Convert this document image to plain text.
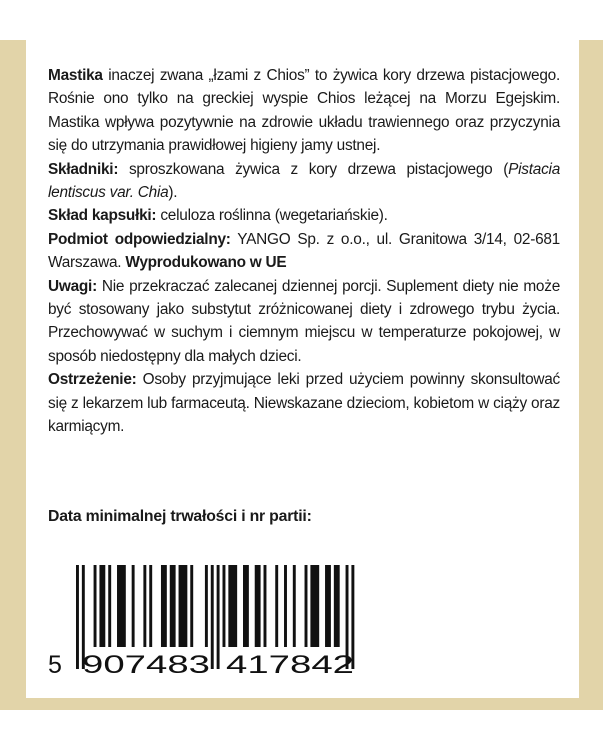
Mastika inaczej zwana „łzami z Chios” to żywica kory drzewa pistacjowego. Rośnie ono tylko na greckiej wyspie Chios leżącej na Morzu Egejskim. Mastika wpływa pozytywnie na zdrowie układu trawiennego oraz przyczynia się do utrzymania prawidłowej higieny jamy ustnej.

Składniki: sproszkowana żywica z kory drzewa pistacjowego (Pistacia lentiscus var. Chia).

Skład kapsułki: celuloza roślinna (wegetariańskie).

Podmiot odpowiedzialny: YANGO Sp. z o.o., ul. Granitowa 3/14, 02-681 Warszawa. Wyprodukowano w UE

Uwagi: Nie przekraczać zalecanej dziennej porcji. Suplement diety nie może być stosowany jako substytut zróżnicowanej diety i zdrowego trybu życia. Przechowywać w suchym i ciemnym miejscu w temperaturze pokojowej, w sposób niedostępny dla małych dzieci.

Ostrzeżenie: Osoby przyjmujące leki przed użyciem powinny skonsultować się z lekarzem lub farmaceutą. Niewskazane dzieciom, kobietom w ciąży oraz karmiącym.

Data minimalnej trwałości i nr partii:
5 907483 417842
